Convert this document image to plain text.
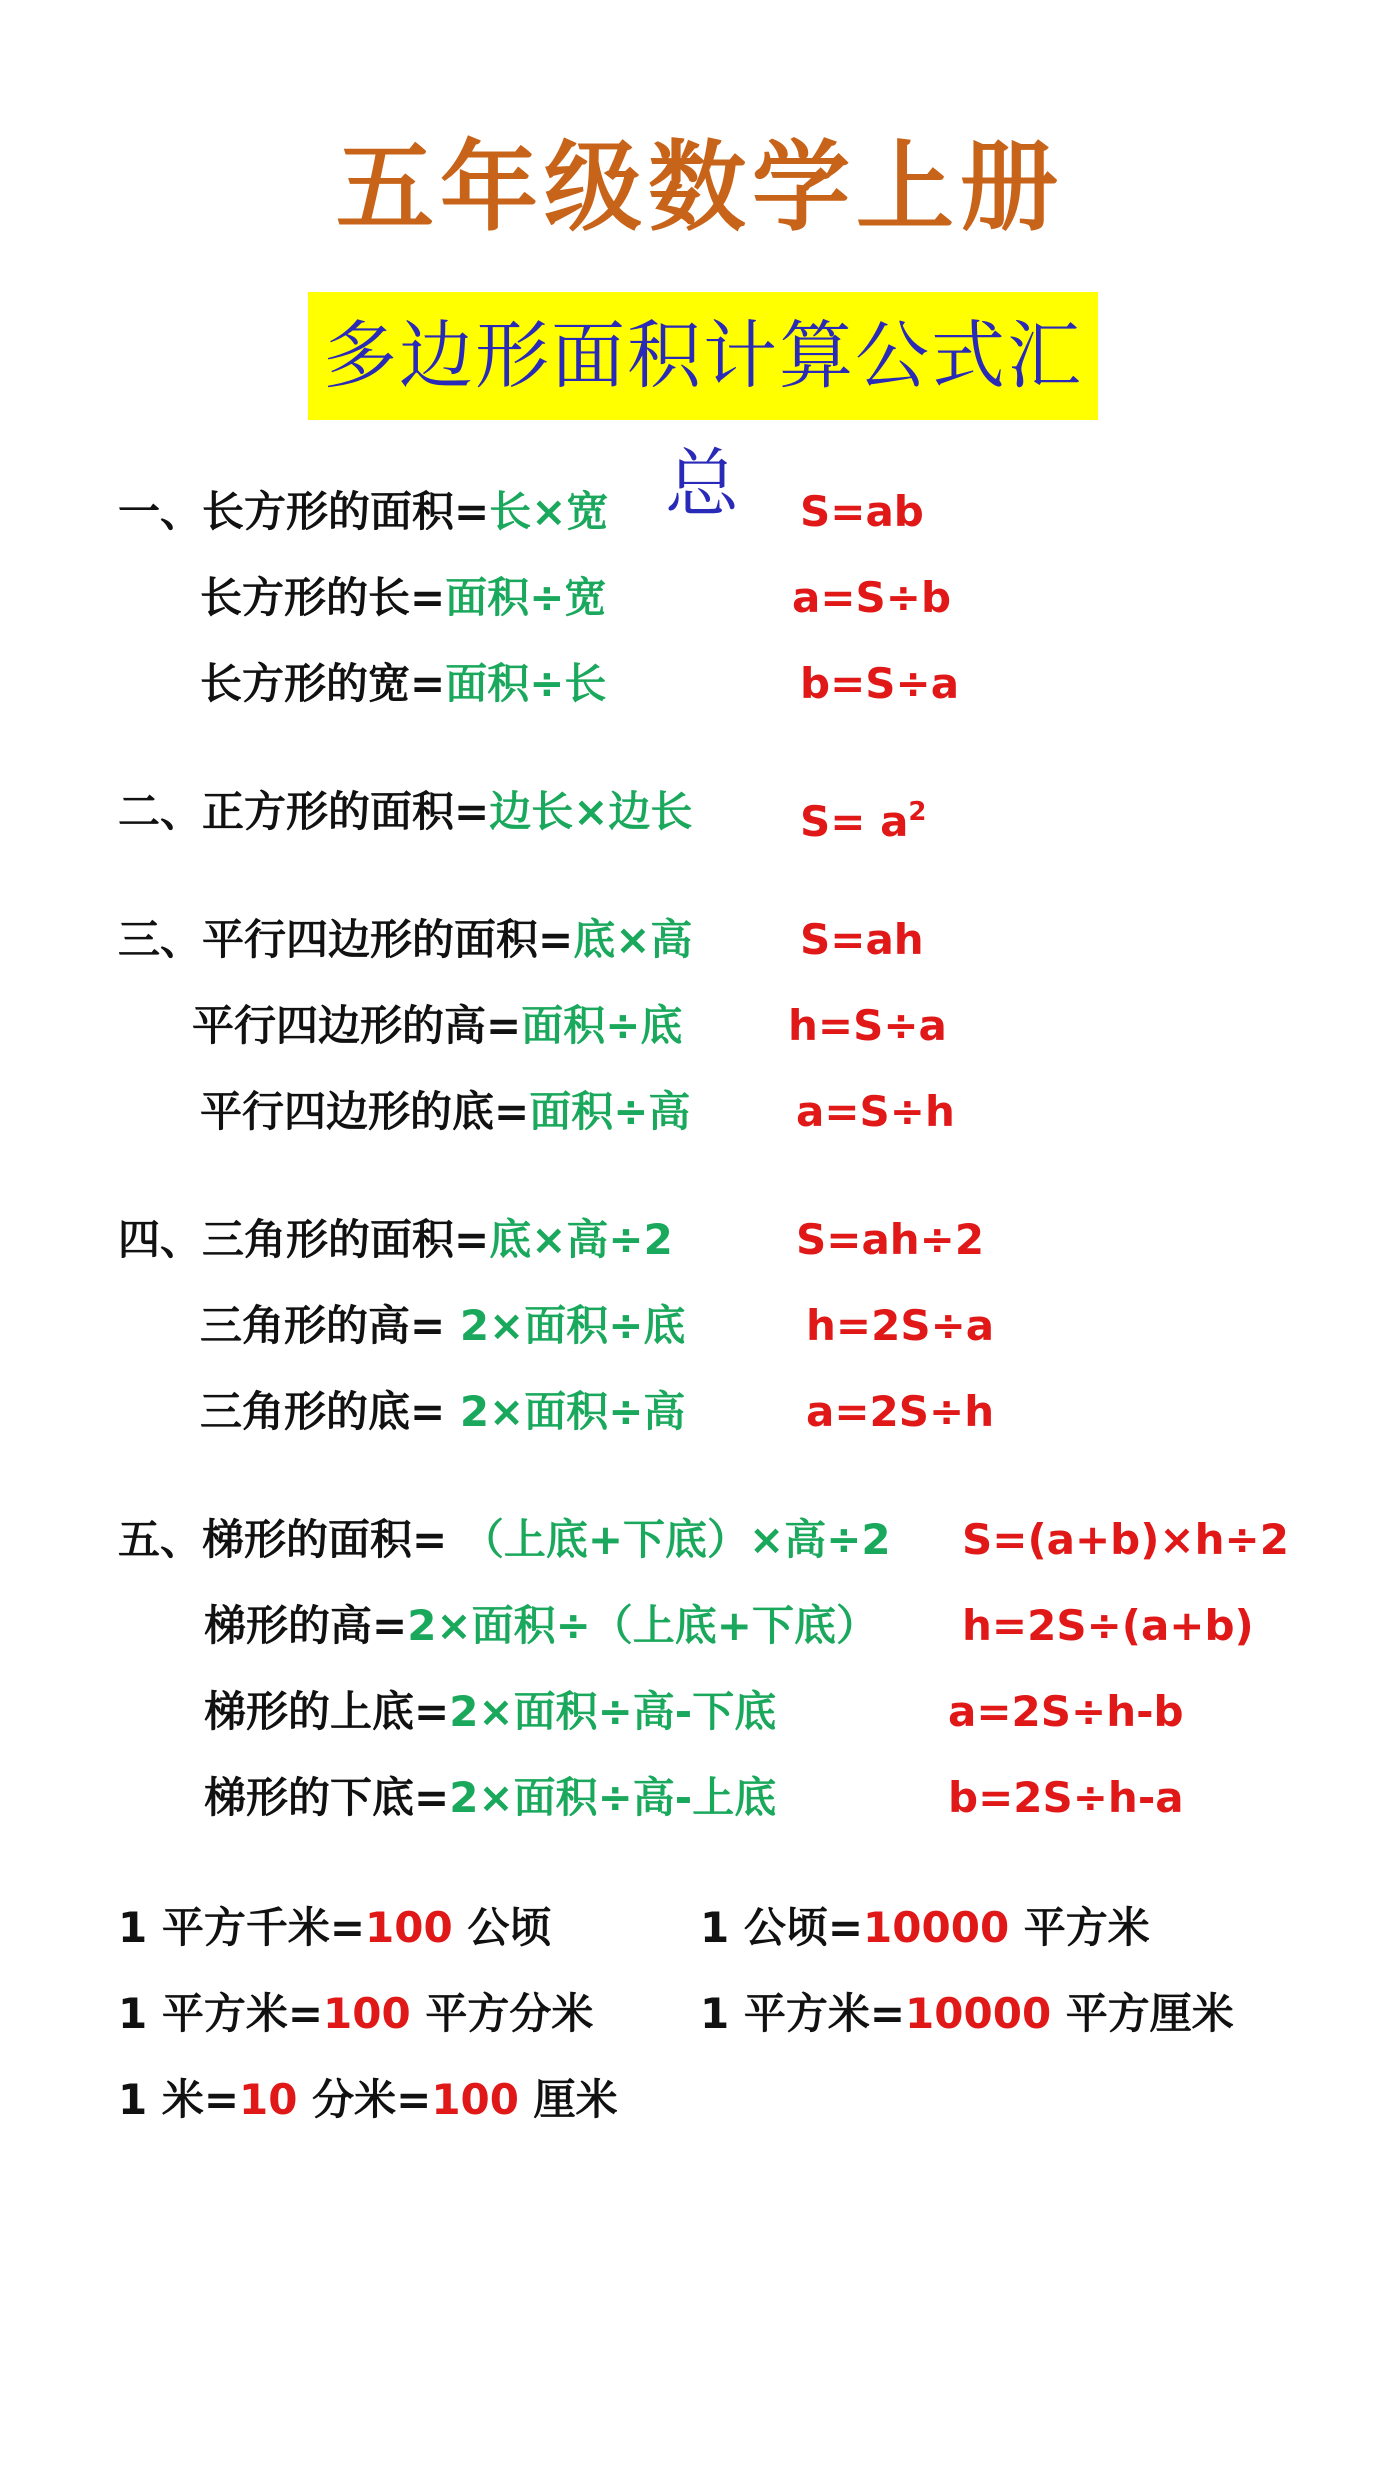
五年级数学上册
多边形面积计算公式汇总
一、长方形的面积=长×宽	S=ab
长方形的长=面积÷宽	a=S÷b
长方形的宽=面积÷长	b=S÷a
二、正方形的面积=边长×边长	$S= a^2$
三、平行四边形的面积=底×高	S=ah
平行四边形的高=面积÷底	h=S÷a
平行四边形的底=面积÷高	a=S÷h
四、三角形的面积=底×高÷2	S=ah÷2
三角形的高= 2×面积÷底	h=2S÷a
三角形的底= 2×面积÷高	a=2S÷h
五、梯形的面积= （上底+下底）×高÷2 S=(a+b)×h÷2
梯形的高=2×面积÷（上底+下底） h=2S÷(a+b)
梯形的上底=2×面积÷高-下底	a=2S÷h-b
梯形的下底=2×面积÷高-上底	b=2S÷h-a
1 平方千米=100 公顷	1 公顷=10000 平方米
1 平方米=100 平方分米	1 平方米=10000 平方厘米
1 米=10 分米=100 厘米
